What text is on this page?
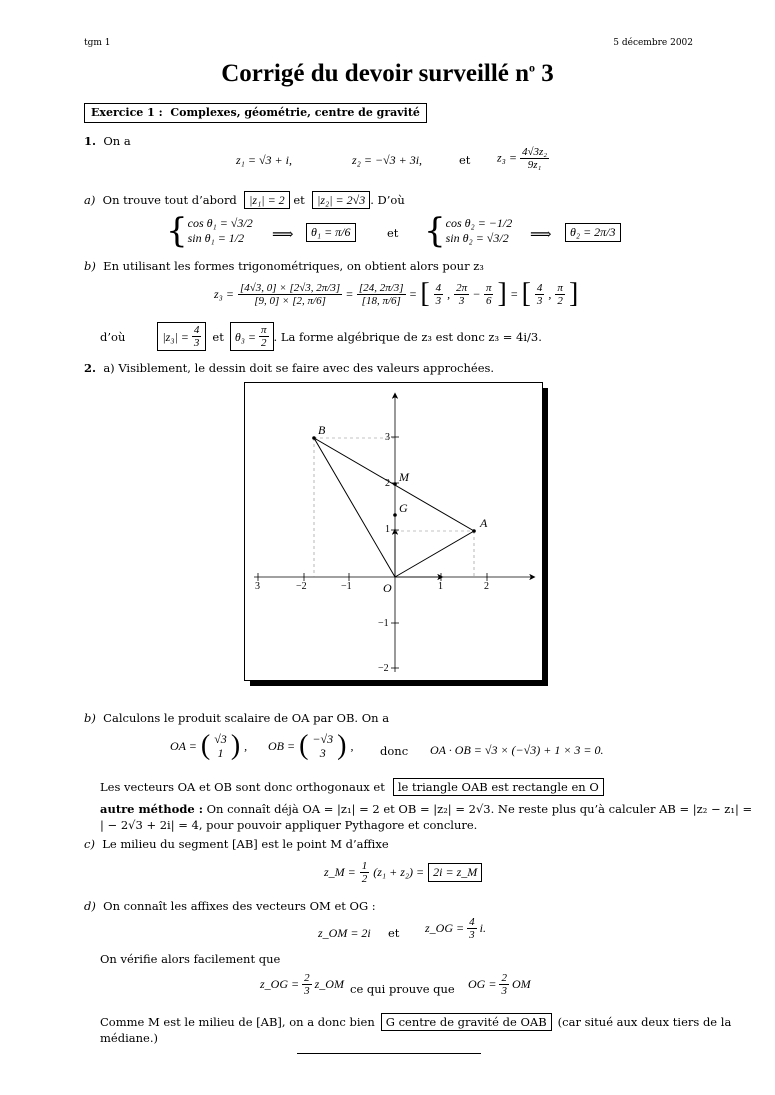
tgm 1	5 décembre 2002
Corrigé du devoir surveillé $n^o$ 3
Exercice 1 : Complexes, géométrie, centre de gravité
1. On a
z₁ = √3 + i,	z₂ = −√3 + 3i,	et $z_3 = \frac{\text{4√3z₂}}{\text{9z₁}}$
a) On trouve tout d’abord |z₁| = 2 et |z₂| = 2√3 . D’où
{ cos θ₁ = √3/2
sin θ₁ = 1/2	⟹	θ₁ = π/6	et { cos θ₂ = −1/2
sin θ₂ = √3/2 ⟹	θ₂ = 2π/3
b) En utilisant les formes trigonométriques, on obtient alors pour z₃
$z_3 = \frac{[4√3, 0] \times [2√3, 2\pi/3]}{[9, 0] \times [2, \pi/6]} = \frac{[24, 2\pi/3]}{[18, \pi/6]}$ = [ $\frac{4}{3}$ , $\frac{2\pi}{3} - \frac{\pi}{6}$ ] = [ $\frac{4}{3}$ , $\frac{\pi}{2}$ ]
d’où	$|z_3| = \frac{4}{3}$ et $\theta_3 = \frac{\pi}{2}$ . La forme algébrique de z₃ est donc z₃ = 4i/3.
2. a) Visiblement, le dessin doit se faire avec des valeurs approchées.
3	−2	−1	1	2
3
2
1
−1
−2
A
B
M
G
O
b) Calculons le produit scalaire de OA par OB. On a
OA = ( √3
1 ) , OB = ( −√3
3 ) , donc OA · OB = √3 × (−√3) + 1 × 3 = 0.
Les vecteurs OA et OB sont donc orthogonaux et	le triangle OAB est rectangle en O
autre méthode : On connaît déjà OA = |z₁| = 2 et OB = |z₂| = 2√3. Ne reste plus qu’à calculer AB = |z₂ − z₁| =
| − 2√3 + 2i| = 4, pour pouvoir appliquer Pythagore et conclure.
c) Le milieu du segment [AB] est le point M d’affixe
z_M = $\frac{1}{2} (z_1 + z_2) = 2i$ = z_M
d) On connaît les affixes des vecteurs OM et OG :
z_OM = 2i et z_OG = $\frac{4}{3} i$.
On vérifie alors facilement que
z_OG = $\frac{2}{3}$ z_OM ce qui prouve que OG = $\frac{2}{3}$ OM
Comme M est le milieu de [AB], on a donc bien G centre de gravité de OAB (car situé aux deux tiers de la
médiane.)
